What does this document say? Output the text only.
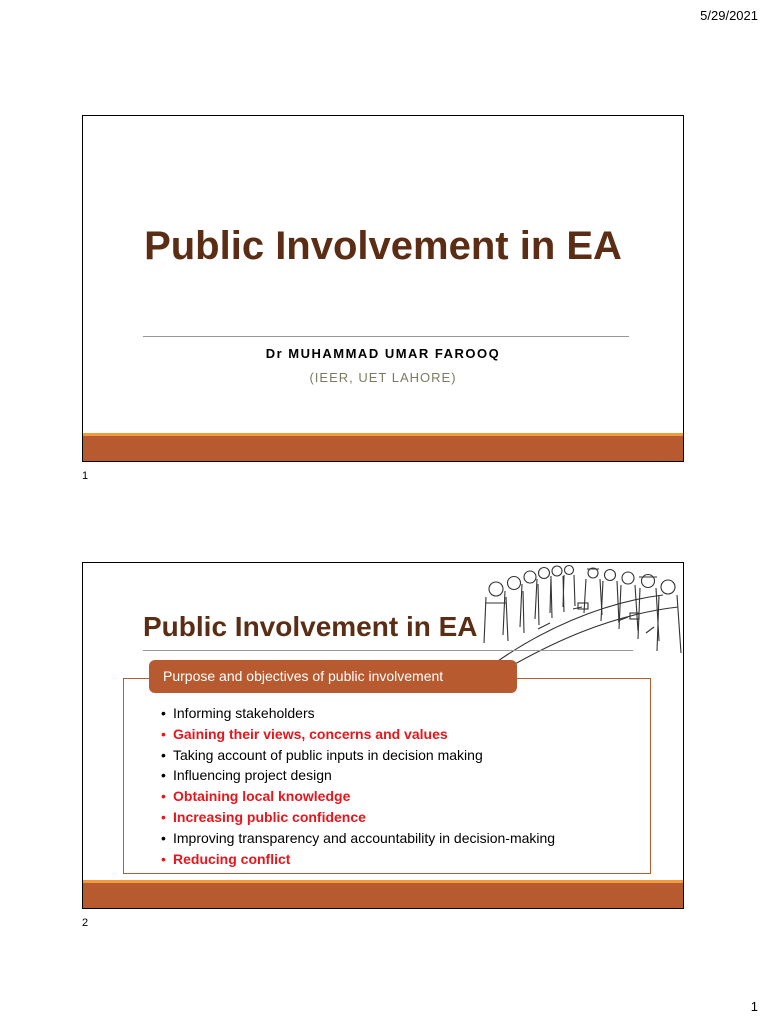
5/29/2021
Public Involvement in EA
Dr MUHAMMAD UMAR FAROOQ
(IEER, UET LAHORE)
1
Public Involvement in EA
Purpose and objectives of public involvement
• Informing stakeholders
• Gaining their views, concerns and values
• Taking account of public inputs in decision making
• Influencing project design
• Obtaining local knowledge
• Increasing public confidence
• Improving transparency and accountability in decision-making
• Reducing conflict
2
1
